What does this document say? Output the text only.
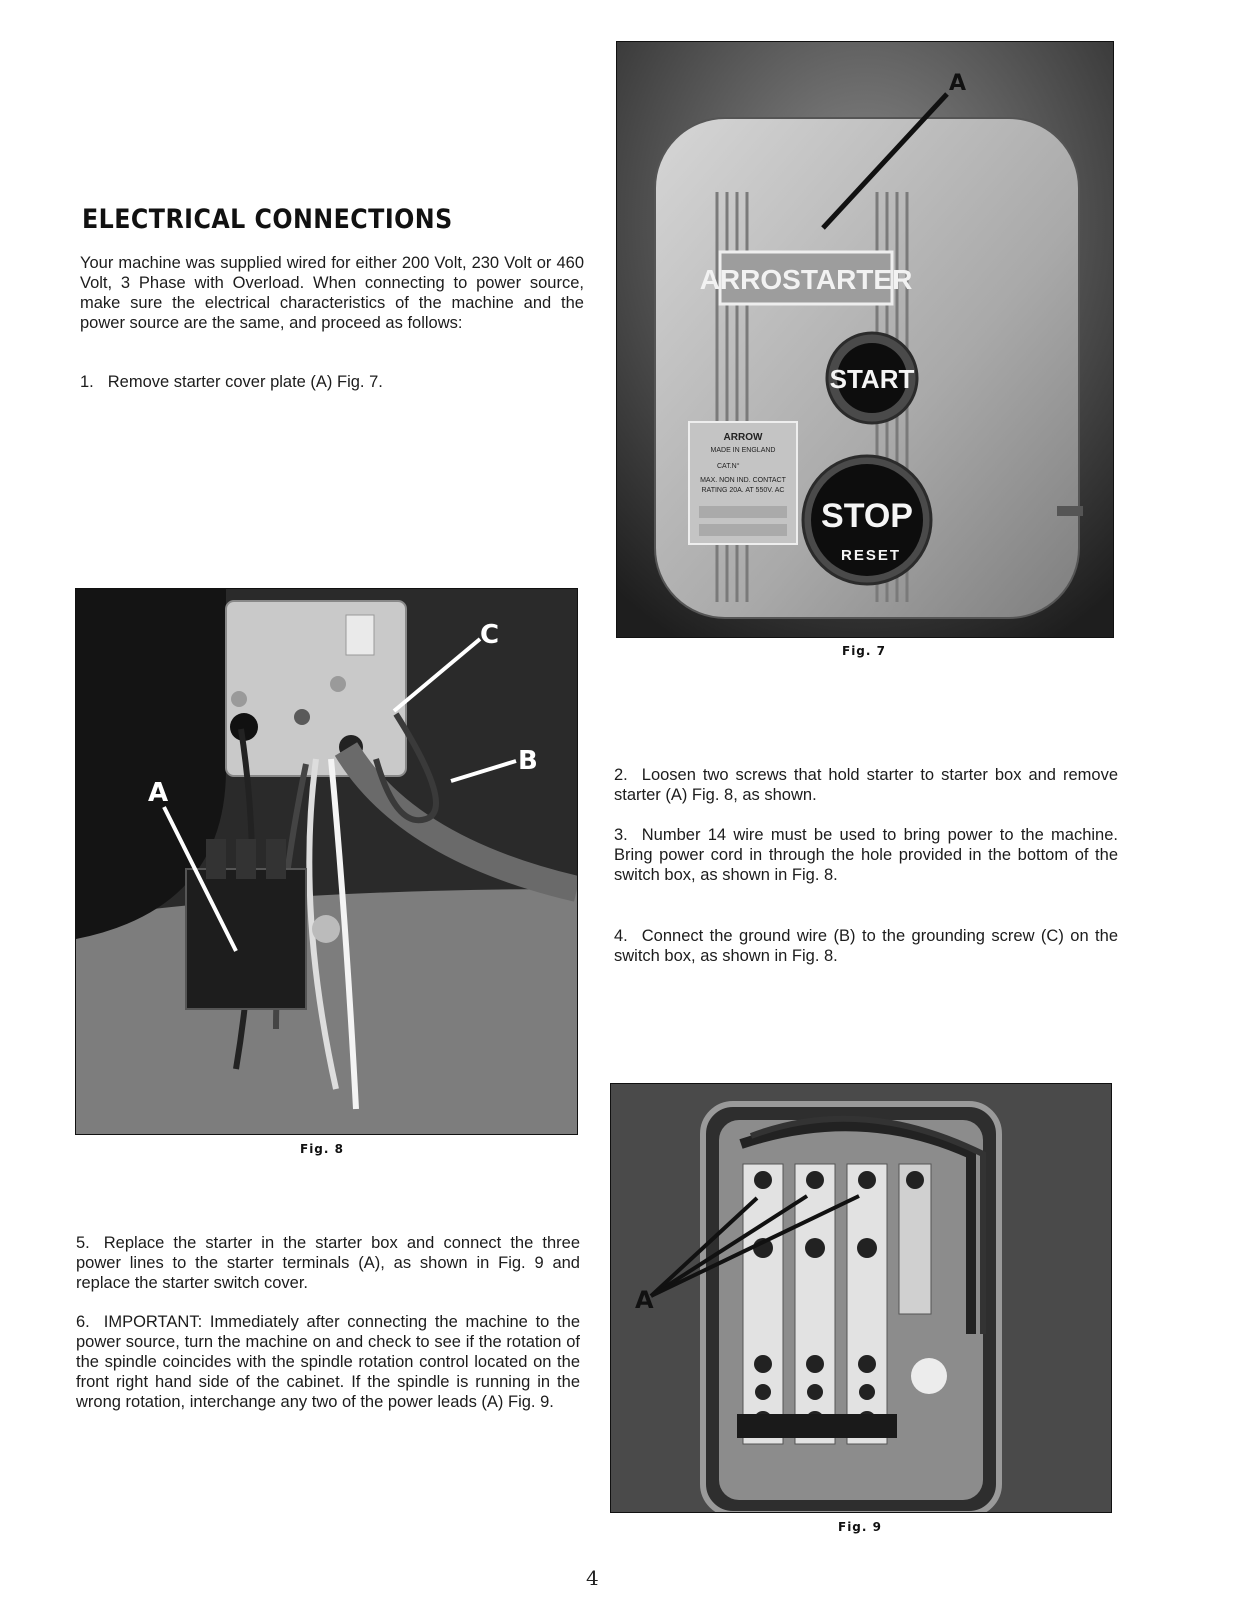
ELECTRICAL CONNECTIONS

Your machine was supplied wired for either 200 Volt, 230 Volt or 460 Volt, 3 Phase with Overload. When connecting to power source, make sure the electrical characteristics of the machine and the power source are the same, and proceed as follows:

1. Remove starter cover plate (A) Fig. 7.

ARROSTARTER
START
STOP
RESET
ARROW
MADE IN ENGLAND
CAT.N°
MAX. NON IND. CONTACT
RATING 20A. AT 550V. AC
A
Fig. 7
A
B
C
Fig. 8

2. Loosen two screws that hold starter to starter box and remove starter (A) Fig. 8, as shown.

3. Number 14 wire must be used to bring power to the machine. Bring power cord in through the hole provided in the bottom of the switch box, as shown in Fig. 8.

4. Connect the ground wire (B) to the grounding screw (C) on the switch box, as shown in Fig. 8.

5. Replace the starter in the starter box and connect the three power lines to the starter terminals (A), as shown in Fig. 9 and replace the starter switch cover.

6. IMPORTANT: Immediately after connecting the machine to the power source, turn the machine on and check to see if the rotation of the spindle coincides with the spindle rotation control located on the front right hand side of the cabinet. If the spindle is running in the wrong rotation, interchange any two of the power leads (A) Fig. 9.

A
Fig. 9
4
